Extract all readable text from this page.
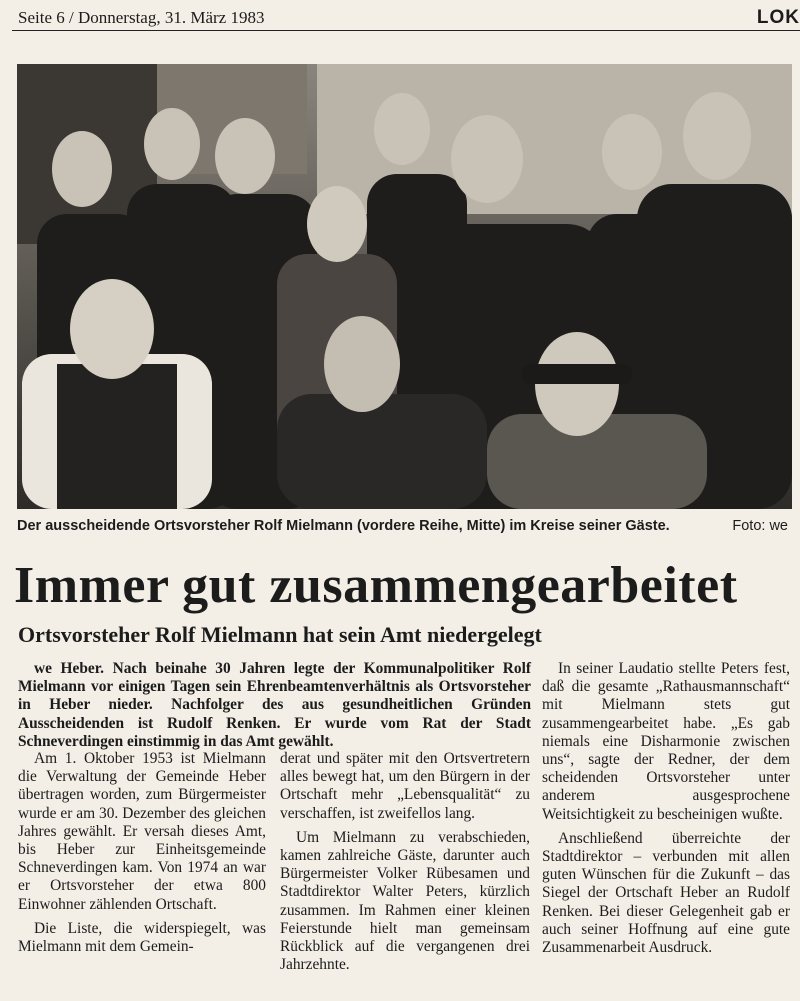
Seite 6 / Donnerstag, 31. März 1983	LOK
Der ausscheidende Ortsvorsteher Rolf Mielmann (vordere Reihe, Mitte) im Kreise seiner Gäste.	Foto: we
Immer gut zusammengearbeitet
Ortsvorsteher Rolf Mielmann hat sein Amt niedergelegt
we Heber. Nach beinahe 30 Jahren legte der Kommunalpolitiker Rolf Mielmann vor einigen Tagen sein Ehrenbeamtenverhältnis als Ortsvorsteher in Heber nieder. Nachfolger des aus gesundheitlichen Gründen Ausscheidenden ist Rudolf Renken. Er wurde vom Rat der Stadt Schneverdingen einstimmig in das Amt gewählt.

Am 1. Oktober 1953 ist Mielmann die Verwaltung der Gemeinde Heber übertragen worden, zum Bürgermeister wurde er am 30. Dezember des gleichen Jahres gewählt. Er versah dieses Amt, bis Heber zur Einheitsgemeinde Schneverdingen kam. Von 1974 an war er Ortsvorsteher der etwa 800 Einwohner zählenden Ortschaft.

Die Liste, die widerspiegelt, was Mielmann mit dem Gemein-

derat und später mit den Ortsvertretern alles bewegt hat, um den Bürgern in der Ortschaft mehr „Lebensqualität“ zu verschaffen, ist zweifellos lang.

Um Mielmann zu verabschieden, kamen zahlreiche Gäste, darunter auch Bürgermeister Volker Rübesamen und Stadtdirektor Walter Peters, kürzlich zusammen. Im Rahmen einer kleinen Feierstunde hielt man gemeinsam Rückblick auf die vergangenen drei Jahrzehnte.

In seiner Laudatio stellte Peters fest, daß die gesamte „Rathausmannschaft“ mit Mielmann stets gut zusammengearbeitet habe. „Es gab niemals eine Disharmonie zwischen uns“, sagte der Redner, der dem scheidenden Ortsvorsteher unter anderem ausgesprochene Weitsichtigkeit zu bescheinigen wußte.

Anschließend überreichte der Stadtdirektor – verbunden mit allen guten Wünschen für die Zukunft – das Siegel der Ortschaft Heber an Rudolf Renken. Bei dieser Gelegenheit gab er auch seiner Hoffnung auf eine gute Zusammenarbeit Ausdruck.
